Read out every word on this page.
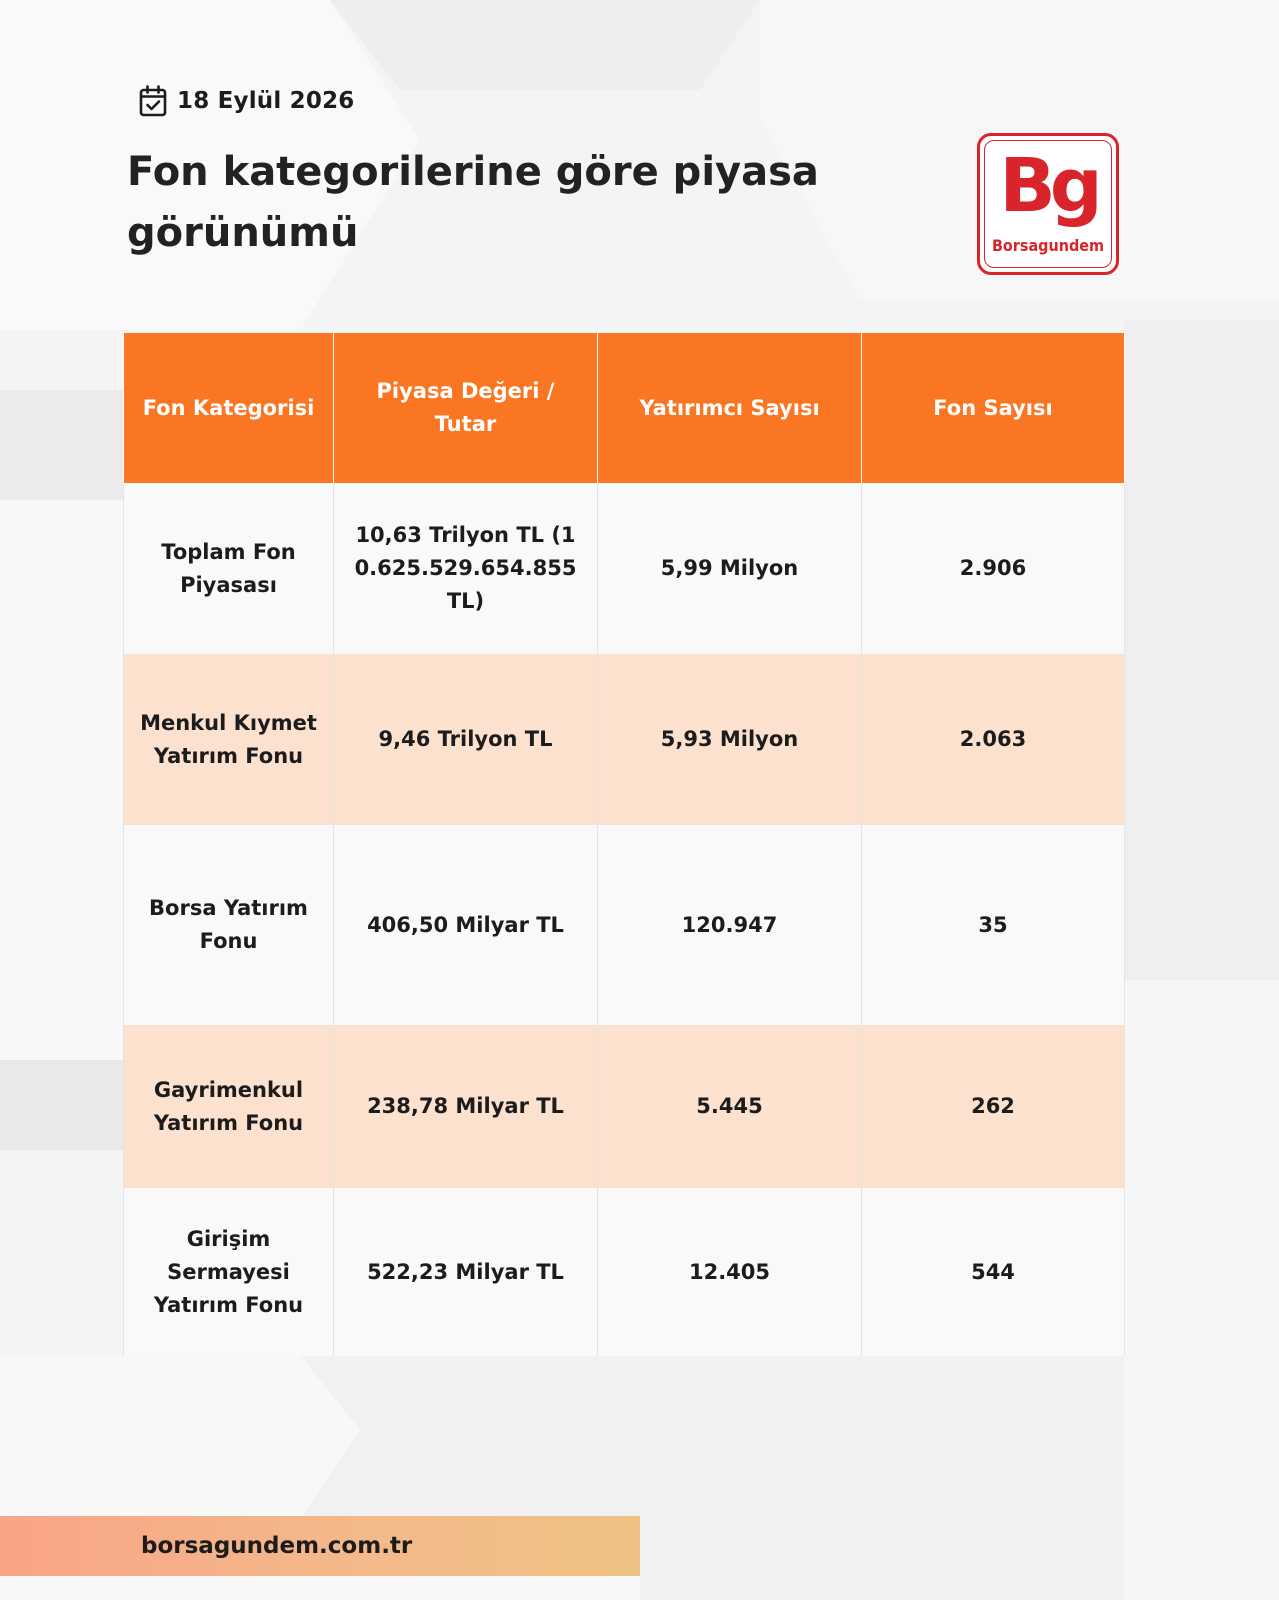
18 Eylül 2026
Fon kategorilerine göre piyasa görünümü
Bg
Borsagundem
Fon Kategorisi	Piyasa Değeri / Tutar	Yatırımcı Sayısı	Fon Sayısı
Toplam Fon Piyasası	10,63 Trilyon TL (10.625.529.654.855 TL)	5,99 Milyon	2.906
Menkul Kıymet Yatırım Fonu	9,46 Trilyon TL	5,93 Milyon	2.063
Borsa Yatırım Fonu	406,50 Milyar TL	120.947	35
Gayrimenkul Yatırım Fonu	238,78 Milyar TL	5.445	262
Girişim Sermayesi Yatırım Fonu	522,23 Milyar TL	12.405	544
borsagundem.com.tr
